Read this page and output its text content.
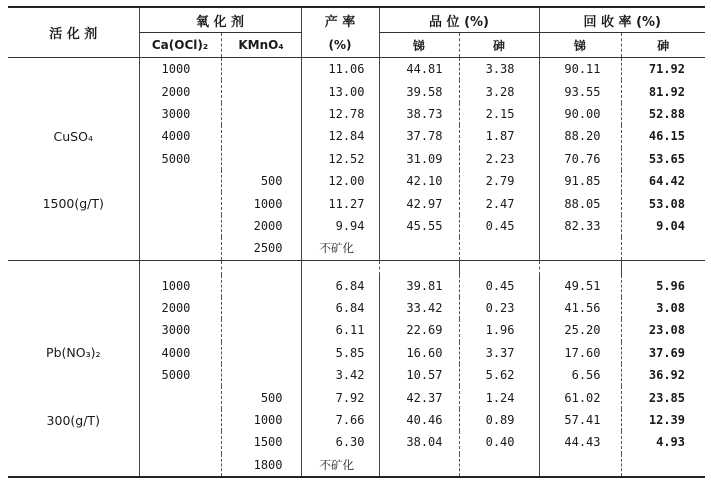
活 化 剂	氧 化 剂		产 率	品 位 (%)		回 收 率 (%)	
	Ca(OCl)₂	KMnO₄	(%)	锑	砷	锑	砷
	1000		11.06	44.81	3.38	90.11	71.92
	2000		13.00	39.58	3.28	93.55	81.92
	3000		12.78	38.73	2.15	90.00	52.88
CuSO₄	4000		12.84	37.78	1.87	88.20	46.15
	5000		12.52	31.09	2.23	70.76	53.65
		500	12.00	42.10	2.79	91.85	64.42
1500(g/T)		1000	11.27	42.97	2.47	88.05	53.08
		2000	9.94	45.55	0.45	82.33	9.04
		2500	不矿化				

	1000		6.84	39.81	0.45	49.51	5.96
	2000		6.84	33.42	0.23	41.56	3.08
	3000		6.11	22.69	1.96	25.20	23.08
Pb(NO₃)₂	4000		5.85	16.60	3.37	17.60	37.69
	5000		3.42	10.57	5.62	6.56	36.92
		500	7.92	42.37	1.24	61.02	23.85
300(g/T)		1000	7.66	40.46	0.89	57.41	12.39
		1500	6.30	38.04	0.40	44.43	4.93
		1800	不矿化				
